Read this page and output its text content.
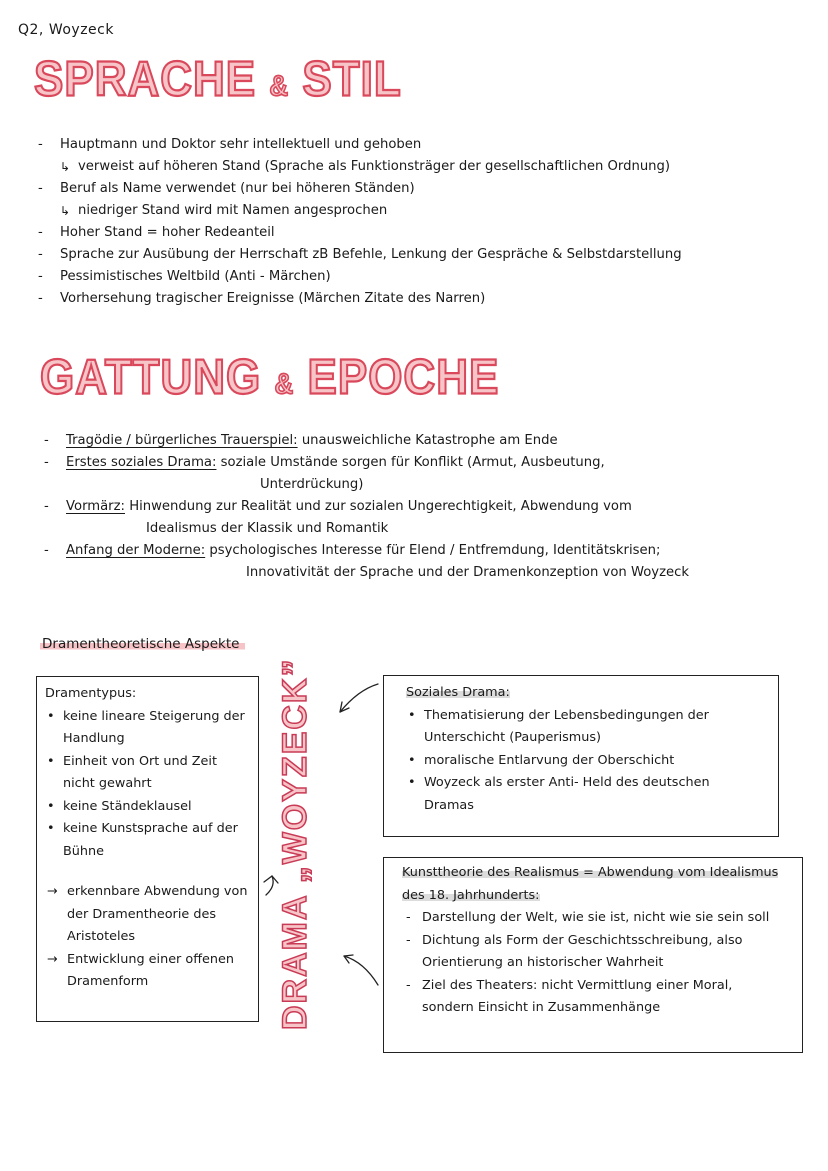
Q2, Woyzeck
SPRACHE & STIL
- Hauptmann und Doktor sehr intellektuell und gehoben
↳ verweist auf höheren Stand (Sprache als Funktionsträger der gesellschaftlichen Ordnung)
- Beruf als Name verwendet (nur bei höheren Ständen)
↳ niedriger Stand wird mit Namen angesprochen
- Hoher Stand = hoher Redeanteil
- Sprache zur Ausübung der Herrschaft zB Befehle, Lenkung der Gespräche & Selbstdarstellung
- Pessimistisches Weltbild (Anti - Märchen)
- Vorhersehung tragischer Ereignisse (Märchen Zitate des Narren)
GATTUNG & EPOCHE
- Tragödie / bürgerliches Trauerspiel: unausweichliche Katastrophe am Ende
- Erstes soziales Drama: soziale Umstände sorgen für Konflikt (Armut, Ausbeutung,
Unterdrückung)
- Vormärz: Hinwendung zur Realität und zur sozialen Ungerechtigkeit, Abwendung vom
Idealismus der Klassik und Romantik
- Anfang der Moderne: psychologisches Interesse für Elend / Entfremdung, Identitätskrisen;
Innovativität der Sprache und der Dramenkonzeption von Woyzeck
Dramentheoretische Aspekte
Dramentypus:
• keine lineare Steigerung der Handlung
• Einheit von Ort und Zeit nicht gewahrt
• keine Ständeklausel
• keine Kunstsprache auf der Bühne
→ erkennbare Abwendung von der Dramentheorie des Aristoteles
→ Entwicklung einer offenen Dramenform
Soziales Drama:
• Thematisierung der Lebensbedingungen der Unterschicht (Pauperismus)
• moralische Entlarvung der Oberschicht
• Woyzeck als erster Anti- Held des deutschen Dramas
Kunsttheorie des Realismus = Abwendung vom Idealismus des 18. Jahrhunderts:
- Darstellung der Welt, wie sie ist, nicht wie sie sein soll
- Dichtung als Form der Geschichtsschreibung, also Orientierung an historischer Wahrheit
- Ziel des Theaters: nicht Vermittlung einer Moral, sondern Einsicht in Zusammenhänge
DRAMA „WOYZECK”
